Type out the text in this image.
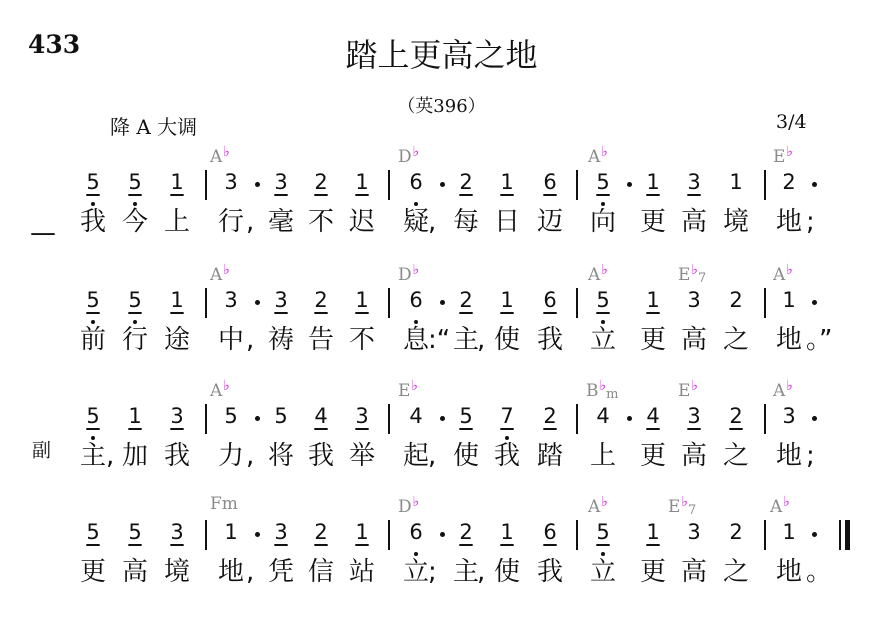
433	踏上更高之地
（英396）
降 A 大调	3/4
—
副
A♭	D♭	A♭	E♭
5 5 1 3 3 2 1 6 2 1 6 5 1 3 1 2
我 今 上 行 毫 不 迟 疑 每 日 迈 向 更 高 境 地
,	,	;
A♭	D♭	A♭	E♭7	A♭
5 5 1 3 3 2 1 6 2 1 6 5 1 3 2 1
前 行 途 中 祷 告 不 息 主 使 我 立 更 高 之 地
,	:“ ,	。”
A♭	E♭	B♭m	E♭	A♭
5 1 3 5 5 4 3 4 5 7 2 4 4 3 2 3
主 加 我 力 将 我 举 起 使 我 踏 上 更 高 之 地
,	,	,	;
Fm	D♭	A♭	E♭7	A♭
5 5 3 1 3 2 1 6 2 1 6 5 1 3 2 1
更 高 境 地 凭 信 站 立 主 使 我 立 更 高 之 地
,	; ,	。
